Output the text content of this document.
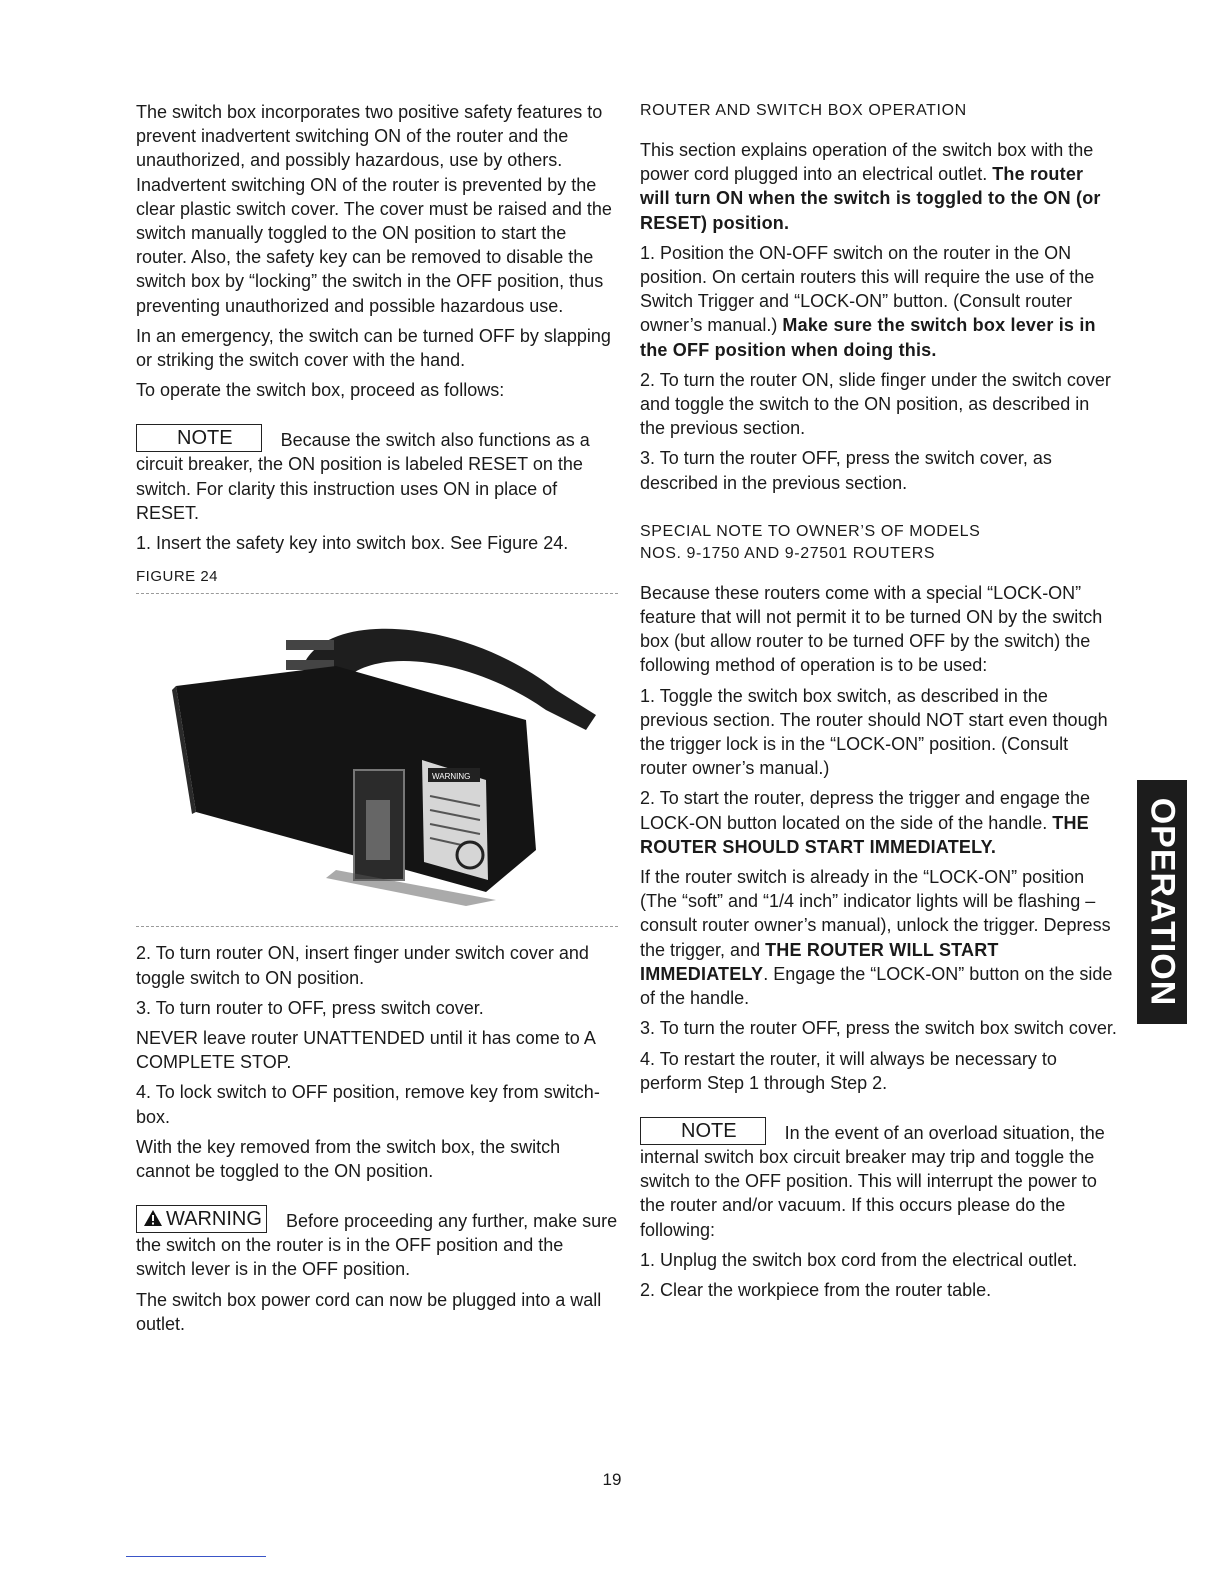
The switch box incorporates two positive safety features to prevent inadvertent switching ON of the router and the unauthorized, and possibly hazardous, use by others. Inadvertent switching ON of the router is prevented by the clear plastic switch cover. The cover must be raised and the switch manually toggled to the ON position to start the router. Also, the safety key can be removed to disable the switch box by “locking” the switch in the OFF position, thus preventing unauthorized and possible hazardous use.

In an emergency, the switch can be turned OFF by slapping or striking the switch cover with the hand.

To operate the switch box, proceed as follows:

NOTE	Because the switch also functions as a circuit breaker, the ON position is labeled RESET on the switch. For clarity this instruction uses ON in place of RESET.

1. Insert the safety key into switch box. See Figure 24.

FIGURE 24
WARNING

2. To turn router ON, insert finger under switch cover and toggle switch to ON position.

3. To turn router to OFF, press switch cover.

NEVER leave router UNATTENDED until it has come to A COMPLETE STOP.

4. To lock switch to OFF position, remove key from switch-box.

With the key removed from the switch box, the switch cannot be toggled to the ON position.

WARNING Before proceeding any further, make sure the switch on the router is in the OFF position and the switch lever is in the OFF position.

The switch box power cord can now be plugged into a wall outlet.

ROUTER AND SWITCH BOX OPERATION

This section explains operation of the switch box with the power cord plugged into an electrical outlet. The router will turn ON when the switch is toggled to the ON (or RESET) position.

1. Position the ON-OFF switch on the router in the ON position. On certain routers this will require the use of the Switch Trigger and “LOCK-ON” button. (Consult router owner’s manual.) Make sure the switch box lever is in the OFF position when doing this.

2. To turn the router ON, slide finger under the switch cover and toggle the switch to the ON position, as described in the previous section.

3. To turn the router OFF, press the switch cover, as described in the previous section.

SPECIAL NOTE TO OWNER’S OF MODELS
NOS. 9-1750 AND 9-27501 ROUTERS

Because these routers come with a special “LOCK-ON” feature that will not permit it to be turned ON by the switch box (but allow router to be turned OFF by the switch) the following method of operation is to be used:

1. Toggle the switch box switch, as described in the previous section. The router should NOT start even though the trigger lock is in the “LOCK-ON” position. (Consult router owner’s manual.)

2. To start the router, depress the trigger and engage the LOCK-ON button located on the side of the handle. THE ROUTER SHOULD START IMMEDIATELY.

If the router switch is already in the “LOCK-ON” position (The “soft” and “1/4 inch” indicator lights will be flashing – consult router owner’s manual), unlock the trigger. Depress the trigger, and THE ROUTER WILL START IMMEDIATELY. Engage the “LOCK-ON” button on the side of the handle.

3. To turn the router OFF, press the switch box switch cover.

4. To restart the router, it will always be necessary to perform Step 1 through Step 2.

NOTE	In the event of an overload situation, the internal switch box circuit breaker may trip and toggle the switch to the OFF position. This will interrupt the power to the router and/or vacuum. If this occurs please do the following:

1. Unplug the switch box cord from the electrical outlet.

2. Clear the workpiece from the router table.

OPERATION
19
